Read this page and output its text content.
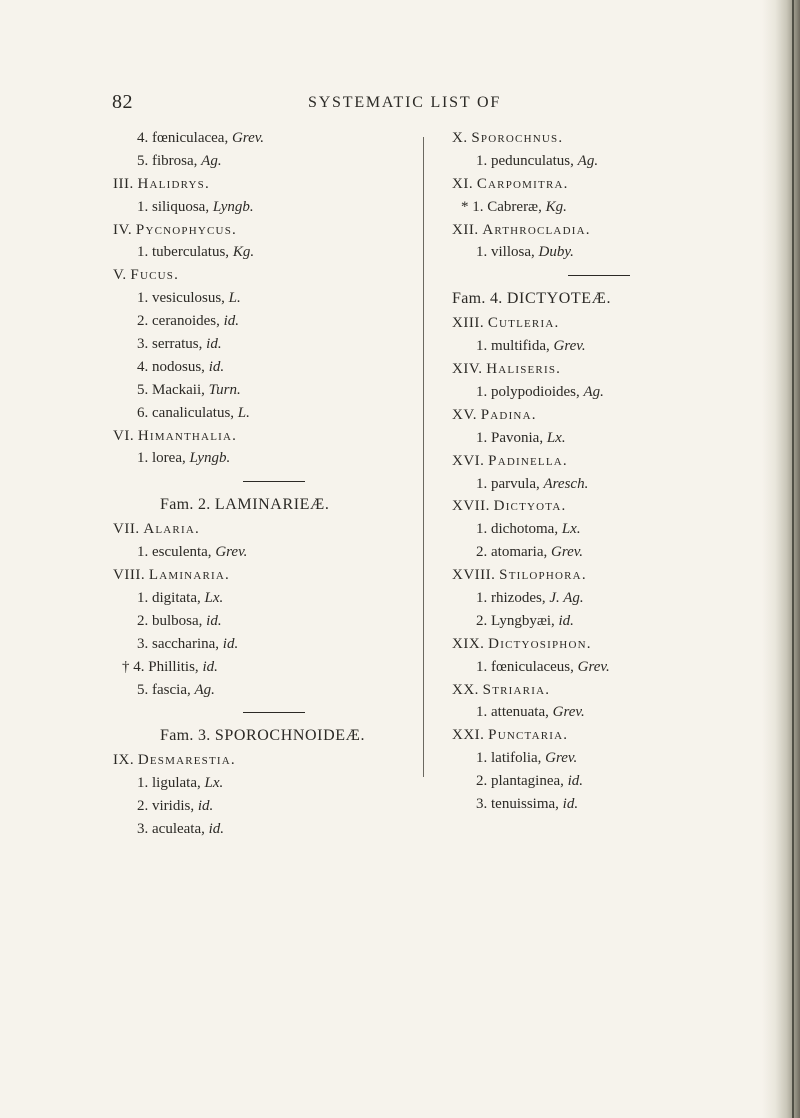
82	SYSTEMATIC LIST OF
4. fœniculacea, Grev.
5. fibrosa, Ag.
III. Halidrys.
1. siliquosa, Lyngb.
IV. Pycnophycus.
1. tuberculatus, Kg.
V. Fucus.
1. vesiculosus, L.
2. ceranoides, id.
3. serratus, id.
4. nodosus, id.
5. Mackaii, Turn.
6. canaliculatus, L.
VI. Himanthalia.
1. lorea, Lyngb.
Fam. 2. LAMINARIEÆ.
VII. Alaria.
1. esculenta, Grev.
VIII. Laminaria.
1. digitata, Lx.
2. bulbosa, id.
3. saccharina, id.
† 4. Phillitis, id.
5. fascia, Ag.
Fam. 3. SPOROCHNOIDEÆ.
IX. Desmarestia.
1. ligulata, Lx.
2. viridis, id.
3. aculeata, id.
X. Sporochnus.
1. pedunculatus, Ag.
XI. Carpomitra.
* 1. Cabreræ, Kg.
XII. Arthrocladia.
1. villosa, Duby.
Fam. 4. DICTYOTEÆ.
XIII. Cutleria.
1. multifida, Grev.
XIV. Haliseris.
1. polypodioides, Ag.
XV. Padina.
1. Pavonia, Lx.
XVI. Padinella.
1. parvula, Aresch.
XVII. Dictyota.
1. dichotoma, Lx.
2. atomaria, Grev.
XVIII. Stilophora.
1. rhizodes, J. Ag.
2. Lyngbyæi, id.
XIX. Dictyosiphon.
1. fœniculaceus, Grev.
XX. Striaria.
1. attenuata, Grev.
XXI. Punctaria.
1. latifolia, Grev.
2. plantaginea, id.
3. tenuissima, id.
